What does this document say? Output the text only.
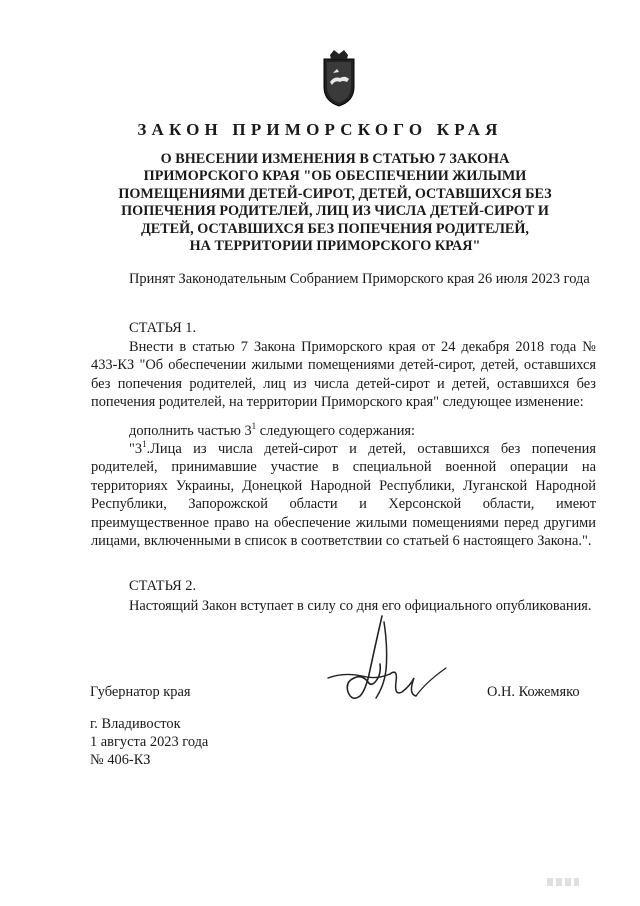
ЗАКОН ПРИМОРСКОГО КРАЯ
О ВНЕСЕНИИ ИЗМЕНЕНИЯ В СТАТЬЮ 7 ЗАКОНА
ПРИМОРСКОГО КРАЯ "ОБ ОБЕСПЕЧЕНИИ ЖИЛЫМИ
ПОМЕЩЕНИЯМИ ДЕТЕЙ-СИРОТ, ДЕТЕЙ, ОСТАВШИХСЯ БЕЗ
ПОПЕЧЕНИЯ РОДИТЕЛЕЙ, ЛИЦ ИЗ ЧИСЛА ДЕТЕЙ-СИРОТ И
ДЕТЕЙ, ОСТАВШИХСЯ БЕЗ ПОПЕЧЕНИЯ РОДИТЕЛЕЙ,
НА ТЕРРИТОРИИ ПРИМОРСКОГО КРАЯ"
Принят Законодательным Собранием Приморского края 26 июля 2023 года
СТАТЬЯ 1.
Внести в статью 7 Закона Приморского края от 24 декабря 2018 года № 433-КЗ "Об обеспечении жилыми помещениями детей-сирот, детей, оставшихся без попечения родителей, лиц из числа детей-сирот и детей, оставшихся без попечения родителей, на территории Приморского края" следующее изменение:
дополнить частью $3^1$ следующего содержания:
"$3^1.Лица$ из числа детей-сирот и детей, оставшихся без попечения родителей, принимавшие участие в специальной военной операции на территориях Украины, Донецкой Народной Республики, Луганской Народной Республики, Запорожской области и Херсонской области, имеют преимущественное право на обеспечение жилыми помещениями перед другими лицами, включенными в список в соответствии со статьей 6 настоящего Закона.".
СТАТЬЯ 2.
Настоящий Закон вступает в силу со дня его официального опубликования.
Губернатор края	О.Н. Кожемяко
г. Владивосток
1 августа 2023 года
№ 406-КЗ
